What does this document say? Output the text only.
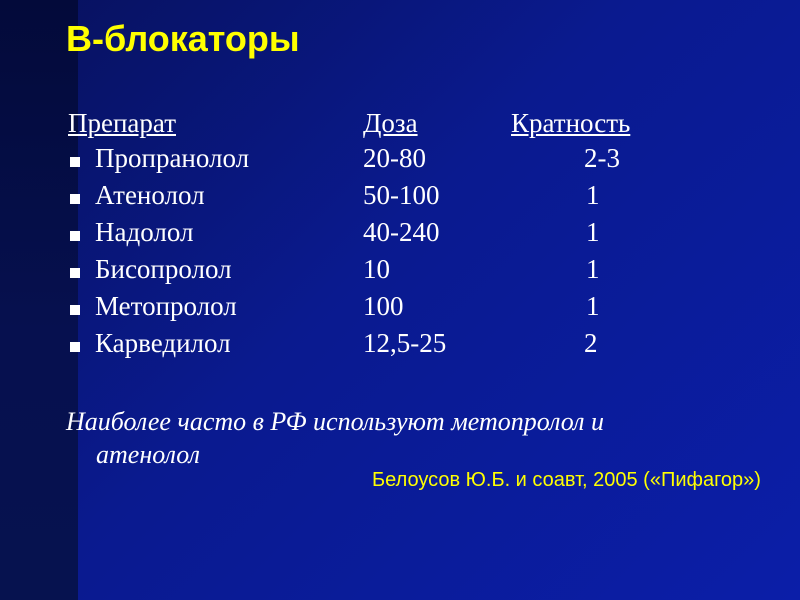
В-блокаторы
Препарат	Доза	Кратность
Пропранолол	20-80	2-3
Атенолол	50-100	1
Надолол	40-240	1
Бисопролол	10	1
Метопролол	100	1
Карведилол	12,5-25	2
Наиболее часто в РФ используют метопролол и
атенолол
Белоусов Ю.Б. и соавт, 2005 («Пифагор»)
